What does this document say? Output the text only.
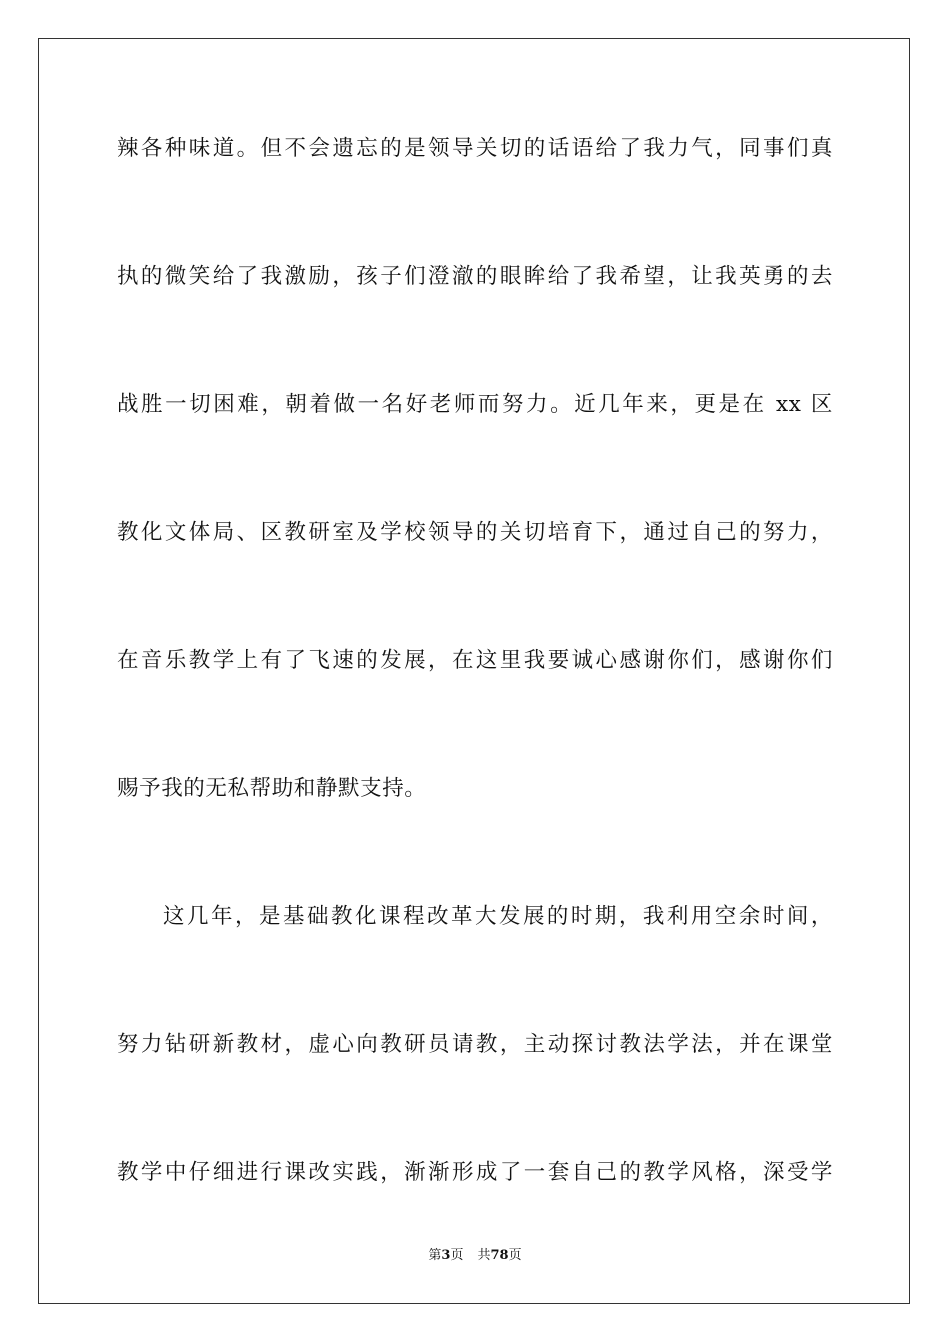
辣各种味道。但不会遗忘的是领导关切的话语给了我力气，同事们真
执的微笑给了我激励，孩子们澄澈的眼眸给了我希望，让我英勇的去
战胜一切困难，朝着做一名好老师而努力。近几年来，更是在 xx 区
教化文体局、区教研室及学校领导的关切培育下，通过自己的努力，
在音乐教学上有了飞速的发展，在这里我要诚心感谢你们，感谢你们
赐予我的无私帮助和静默支持。
这几年，是基础教化课程改革大发展的时期，我利用空余时间，
努力钻研新教材，虚心向教研员请教，主动探讨教法学法，并在课堂
教学中仔细进行课改实践，渐渐形成了一套自己的教学风格，深受学
第3页 共78页
